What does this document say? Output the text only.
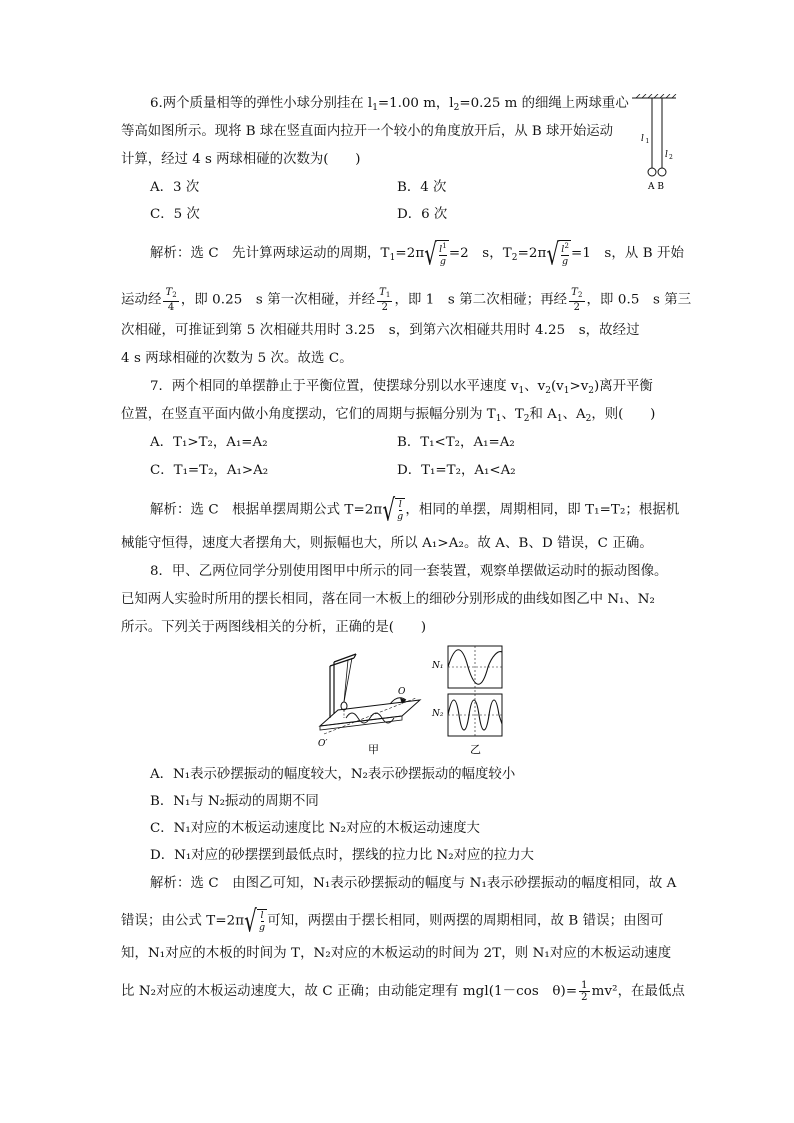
6.两个质量相等的弹性小球分别挂在 $l_1=1.00$ m，$l_2=0.25$ m 的细绳上两球重心
等高如图所示。现将 B 球在竖直面内拉开一个较小的角度放开后，从 B 球开始运动
计算，经过 4 s 两球相碰的次数为(　　)
A．3 次	B．4 次
C．5 次	D．6 次
l 1
l 2
A B
解析：选 C　先计算两球运动的周期，$T_1=2\pi$ √ $l^1$
g
=2　s，$T_2=2\pi$ √ $l^2$
g
=1　s，从 B 开始
运动经 $\frac{T_2}{4}$ ，即 0.25　s 第一次相碰，并经 $\frac{T_1}{2}$ ，即 1　s 第二次相碰；再经 $\frac{T_2}{2}$ ，即 0.5　s 第三
次相碰，可推证到第 5 次相碰共用时 3.25　s，到第六次相碰共用时 4.25　s，故经过
4 s 两球相碰的次数为 5 次。故选 C。
7．两个相同的单摆静止于平衡位置，使摆球分别以水平速度 $v_1$、$v_2(v_1>v_2)$离开平衡
位置，在竖直平面内做小角度摆动，它们的周期与振幅分别为 $T_1$、$T_2$和 $A_1$、$A_2$，则(　　)
A．T₁>T₂，A₁=A₂	B．T₁<T₂，A₁=A₂
C．T₁=T₂，A₁>A₂	D．T₁=T₂，A₁<A₂
解析：选 C　根据单摆周期公式 T=2π √ l
g ，相同的单摆，周期相同，即 T₁=T₂；根据机
械能守恒得，速度大者摆角大，则振幅也大，所以 A₁>A₂。故 A、B、D 错误，C 正确。
8．甲、乙两位同学分别使用图甲中所示的同一套装置，观察单摆做运动时的振动图像。
已知两人实验时所用的摆长相同，落在同一木板上的细砂分别形成的曲线如图乙中 N₁、N₂
所示。下列关于两图线相关的分析，正确的是(　　)
O
O′	甲
N₁
N₂
乙
A．N₁表示砂摆振动的幅度较大，N₂表示砂摆振动的幅度较小
B．N₁与 N₂振动的周期不同
C．N₁对应的木板运动速度比 N₂对应的木板运动速度大
D．N₁对应的砂摆摆到最低点时，摆线的拉力比 N₂对应的拉力大
解析：选 C　由图乙可知，N₁表示砂摆振动的幅度与 N₁表示砂摆振动的幅度相同，故 A
错误；由公式 T=2π √ l
g 可知，两摆由于摆长相同，则两摆的周期相同，故 B 错误；由图可
知，N₁对应的木板的时间为 T，N₂对应的木板运动的时间为 2T，则 N₁对应的木板运动速度
比 N₂对应的木板运动速度大，故 C 正确；由动能定理有 mgl(1－cos　$\theta)= \frac{1}{2} mv^2$，在最低点
